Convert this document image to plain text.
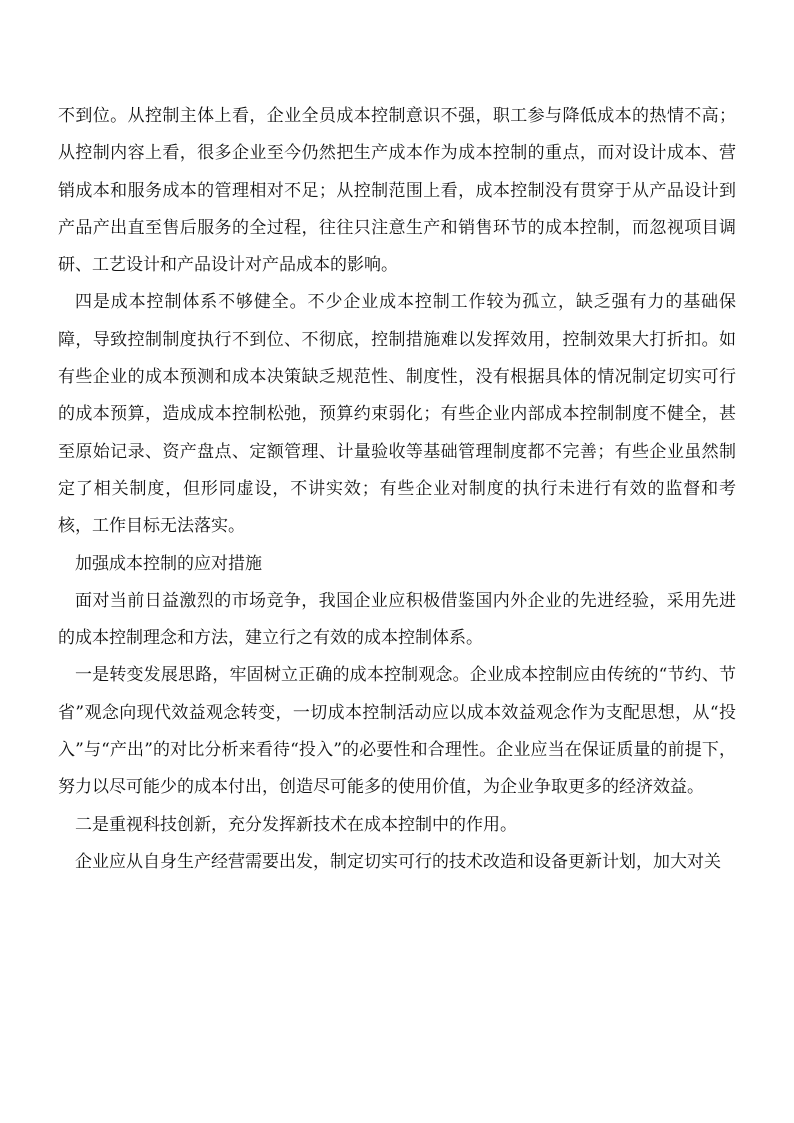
不到位。从控制主体上看，企业全员成本控制意识不强，职工参与降低成本的热情不高；从控制内容上看，很多企业至今仍然把生产成本作为成本控制的重点，而对设计成本、营销成本和服务成本的管理相对不足；从控制范围上看，成本控制没有贯穿于从产品设计到产品产出直至售后服务的全过程，往往只注意生产和销售环节的成本控制，而忽视项目调研、工艺设计和产品设计对产品成本的影响。

四是成本控制体系不够健全。不少企业成本控制工作较为孤立，缺乏强有力的基础保障，导致控制制度执行不到位、不彻底，控制措施难以发挥效用，控制效果大打折扣。如有些企业的成本预测和成本决策缺乏规范性、制度性，没有根据具体的情况制定切实可行的成本预算，造成成本控制松弛，预算约束弱化；有些企业内部成本控制制度不健全，甚至原始记录、资产盘点、定额管理、计量验收等基础管理制度都不完善；有些企业虽然制定了相关制度，但形同虚设，不讲实效；有些企业对制度的执行未进行有效的监督和考核，工作目标无法落实。

加强成本控制的应对措施

面对当前日益激烈的市场竞争，我国企业应积极借鉴国内外企业的先进经验，采用先进的成本控制理念和方法，建立行之有效的成本控制体系。

一是转变发展思路，牢固树立正确的成本控制观念。企业成本控制应由传统的“节约、节省”观念向现代效益观念转变，一切成本控制活动应以成本效益观念作为支配思想，从“投入”与“产出”的对比分析来看待“投入”的必要性和合理性。企业应当在保证质量的前提下，努力以尽可能少的成本付出，创造尽可能多的使用价值，为企业争取更多的经济效益。

二是重视科技创新，充分发挥新技术在成本控制中的作用。

企业应从自身生产经营需要出发，制定切实可行的技术改造和设备更新计划，加大对关
